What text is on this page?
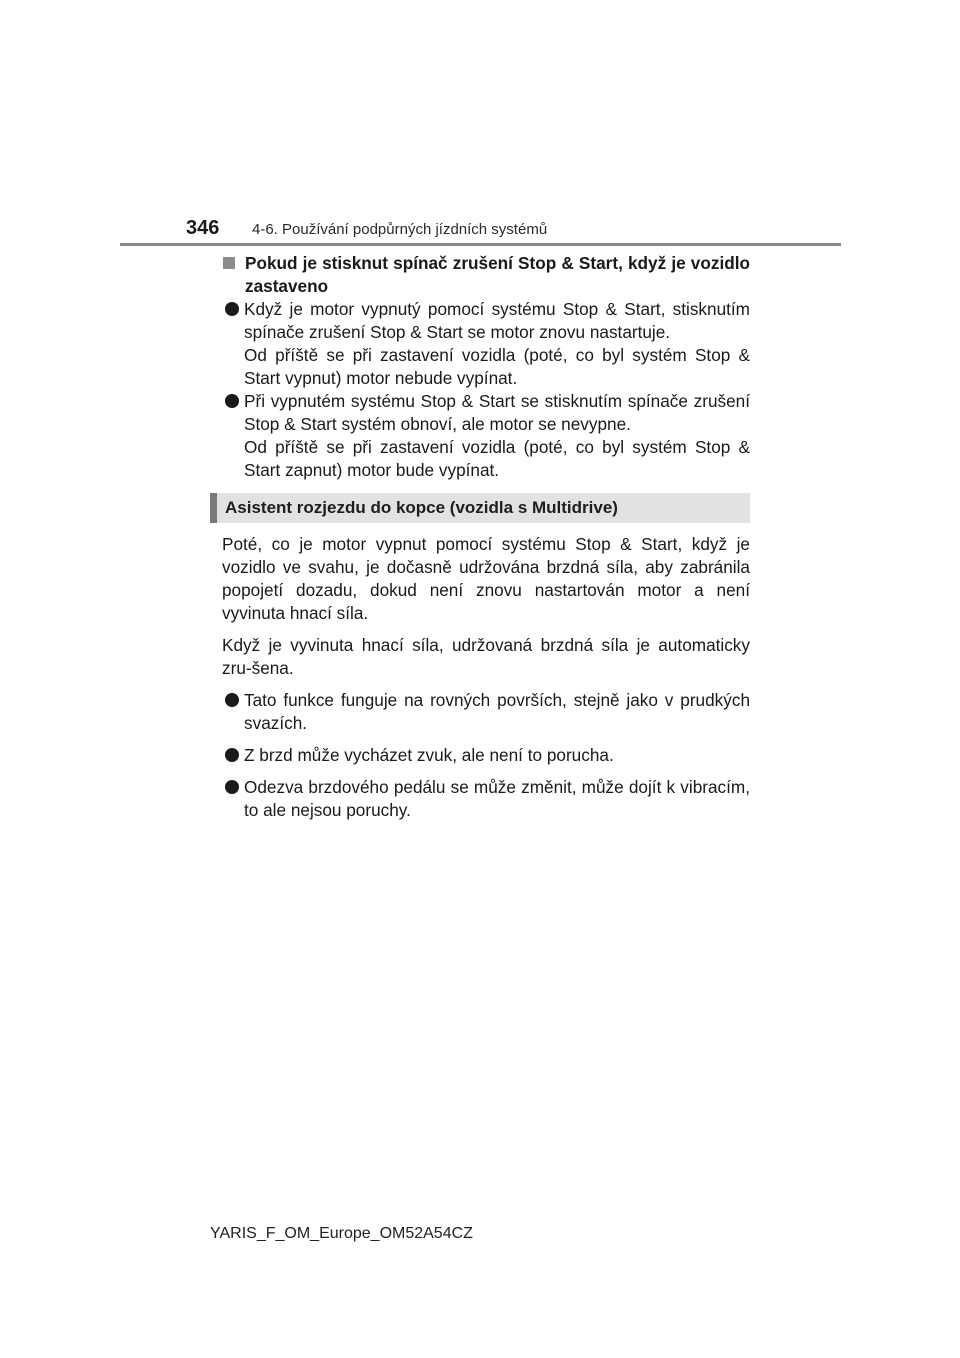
346 4-6. Používání podpůrných jízdních systémů
Pokud je stisknut spínač zrušení Stop & Start, když je vozidlo zastaveno

Když je motor vypnutý pomocí systému Stop & Start, stisknutím spínače zrušení Stop & Start se motor znovu nastartuje.

Od příště se při zastavení vozidla (poté, co byl systém Stop & Start vypnut) motor nebude vypínat.

Při vypnutém systému Stop & Start se stisknutím spínače zrušení Stop & Start systém obnoví, ale motor se nevypne.

Od příště se při zastavení vozidla (poté, co byl systém Stop & Start zapnut) motor bude vypínat.

Asistent rozjezdu do kopce (vozidla s Multidrive)

Poté, co je motor vypnut pomocí systému Stop & Start, když je vozidlo ve svahu, je dočasně udržována brzdná síla, aby zabránila popojetí dozadu, dokud není znovu nastartován motor a není vyvinuta hnací síla.

Když je vyvinuta hnací síla, udržovaná brzdná síla je automaticky zru-šena.

Tato funkce funguje na rovných površích, stejně jako v prudkých svazích.

Z brzd může vycházet zvuk, ale není to porucha.

Odezva brzdového pedálu se může změnit, může dojít k vibracím, to ale nejsou poruchy.

YARIS_F_OM_Europe_OM52A54CZ
